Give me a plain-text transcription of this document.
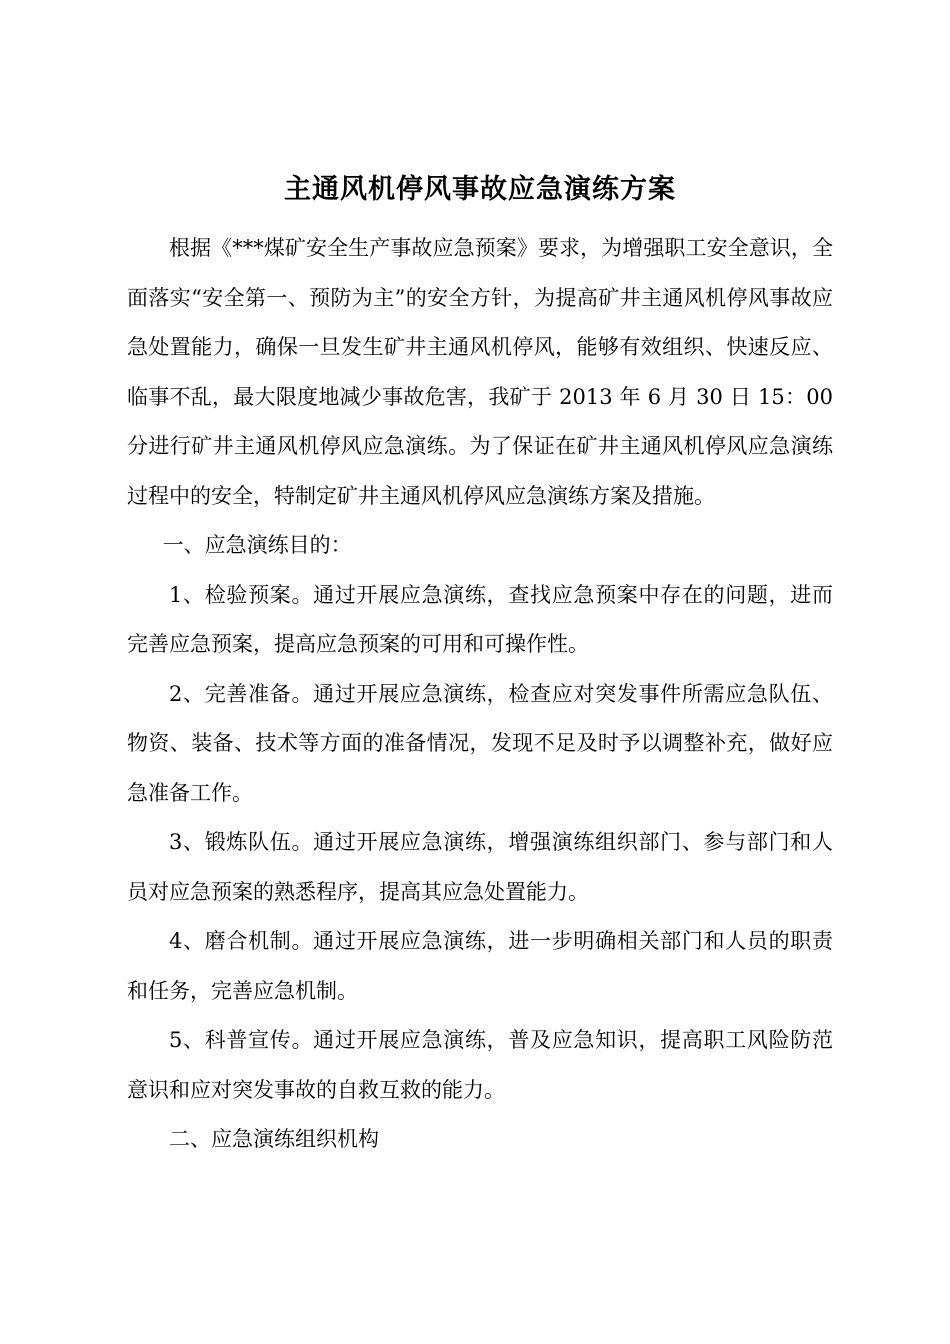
主通风机停风事故应急演练方案

根据《***煤矿安全生产事故应急预案》要求，为增强职工安全意识，全面落实“安全第一、预防为主”的安全方针，为提高矿井主通风机停风事故应急处置能力，确保一旦发生矿井主通风机停风，能够有效组织、快速反应、临事不乱，最大限度地减少事故危害，我矿于 2013 年 6 月 30 日 15：00 分进行矿井主通风机停风应急演练。为了保证在矿井主通风机停风应急演练过程中的安全，特制定矿井主通风机停风应急演练方案及措施。

一、应急演练目的：

1、检验预案。通过开展应急演练，查找应急预案中存在的问题，进而完善应急预案，提高应急预案的可用和可操作性。

2、完善准备。通过开展应急演练，检查应对突发事件所需应急队伍、物资、装备、技术等方面的准备情况，发现不足及时予以调整补充，做好应急准备工作。

3、锻炼队伍。通过开展应急演练，增强演练组织部门、参与部门和人员对应急预案的熟悉程序，提高其应急处置能力。

4、磨合机制。通过开展应急演练，进一步明确相关部门和人员的职责和任务，完善应急机制。

5、科普宣传。通过开展应急演练，普及应急知识，提高职工风险防范意识和应对突发事故的自救互救的能力。

二、应急演练组织机构
